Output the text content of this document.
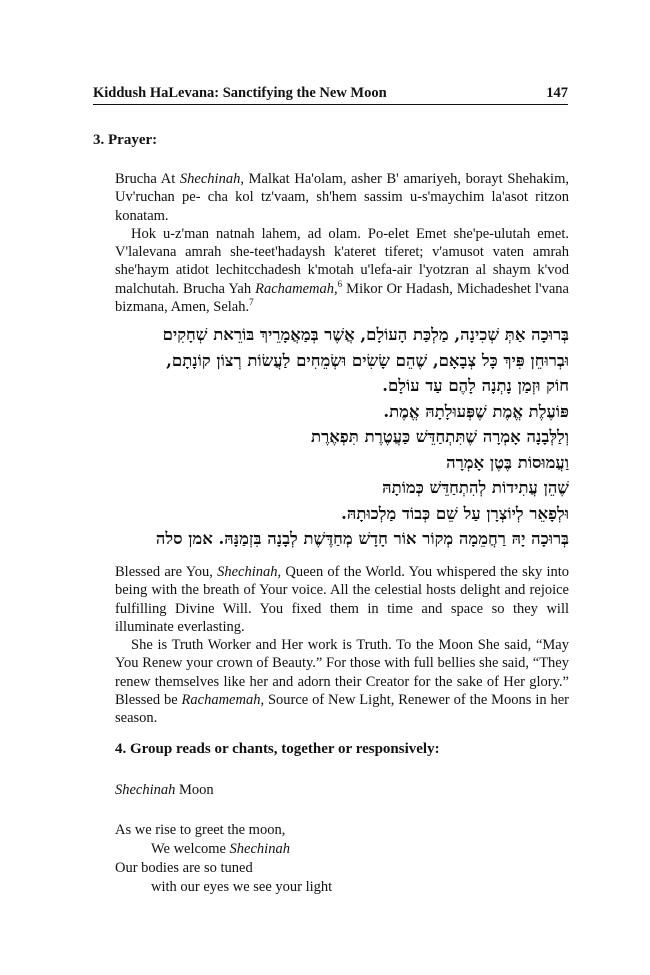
Kiddush HaLevana: Sanctifying the New Moon	147
3. Prayer:

Brucha At Shechinah, Malkat Ha'olam, asher B' amariyeh, borayt Shehakim, Uv'ruchan pe- cha kol tz'vaam, sh'hem sassim u-s'maychim la'asot ritzon konatam.

Hok u-z'man natnah lahem, ad olam. Po-elet Emet she'pe-ulutah emet. V'lalevana amrah she-teet'hadaysh k'ateret tiferet; v'amusot vaten amrah she'haym atidot lechitcchadesh k'motah u'lefa-air l'yotzran al shaym k'vod malchutah. Brucha Yah Rachamemah,$^6$ Mikor Or Hadash, Michadeshet l'vana bizmana, Amen, Selah.$^7$

בְּרוּכָה אַתְּ שְׁכִינָה, מַלְכַּת הָעוֹלָם, אֲשֶׁר בְּמַאֲמָרֵיךְ בּוֹרֵאת שְׁחָקִים
וּבְרוּחֵן פִּיךְ כָּל צְבָאָם, שֶׁהֵם שָׂשִׂים וּשְׂמֵחִים לַעֲשׂוֹת רְצוֹן קוֹנָתָם,
חוֹק וּזְמַן נָתְנָה לָהֶם עַד עוֹלָם.
פּוֹעֶלֶת אֱמֶת שֶׁפְּעוּלָתָהּ אֱמֶת.
וְלַלְּבָנָה אָמְרָה שֶׁתִּתְחַדֵּשׁ כַּעֲטֶרֶת תִּפְאֶרֶת
וַעֲמוּסוֹת בֶּטֶן אָמְרָה
שֶׁהֵן עֲתִידוֹת לְהִתְחַדֵּשׁ כְּמוֹתָהּ
וּלְפָאֵר לְיוֹצְרָן עַל שֵׁם כְּבוֹד מַלְכוּתָהּ.
בְּרוּכָה יָהּ רַחֲמֵמָה מְקוֹר אוֹר חָדָשׁ מְחַדֶּשֶׁת לְבָנָה בִּזְמַנָּהּ. אמן סלה

Blessed are You, Shechinah, Queen of the World. You whispered the sky into being with the breath of Your voice. All the celestial hosts delight and rejoice fulfilling Divine Will. You fixed them in time and space so they will illuminate everlasting.

She is Truth Worker and Her work is Truth. To the Moon She said, “May You Renew your crown of Beauty.” For those with full bellies she said, “They renew themselves like her and adorn their Creator for the sake of Her glory.” Blessed be Rachamemah, Source of New Light, Renewer of the Moons in her season.

4. Group reads or chants, together or responsively:
Shechinah Moon
As we rise to greet the moon,
We welcome Shechinah
Our bodies are so tuned
with our eyes we see your light
